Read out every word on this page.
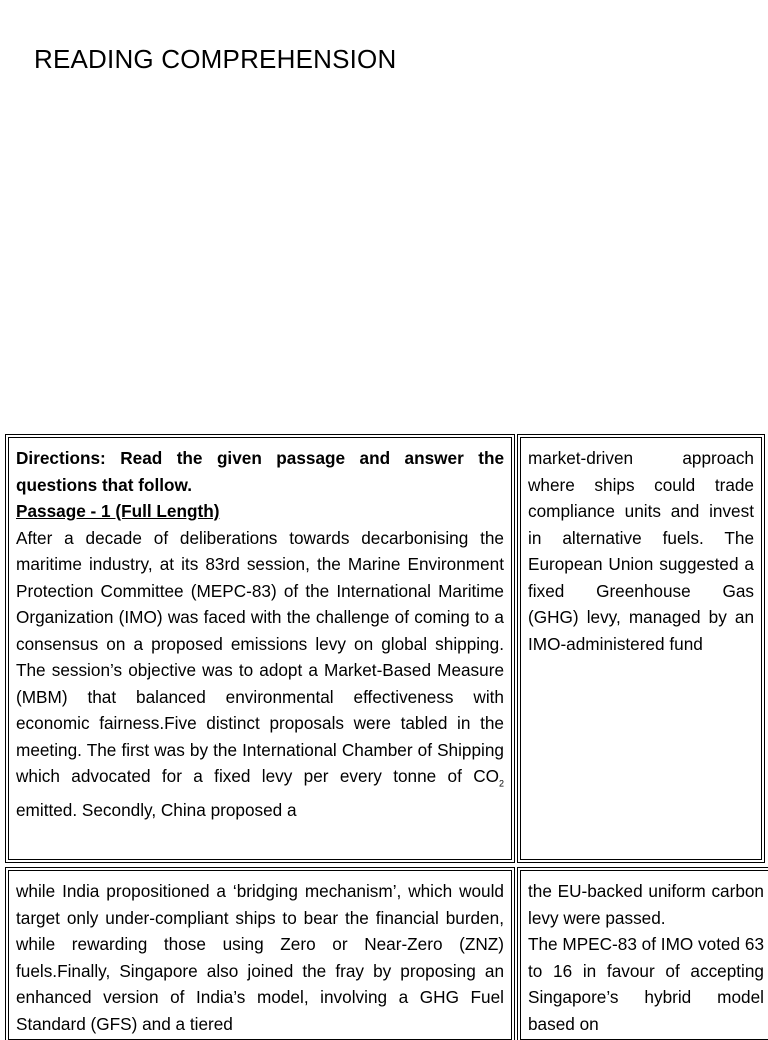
READING COMPREHENSION

Directions: Read the given passage and answer the questions that follow.

Passage - 1 (Full Length)

After a decade of deliberations towards decarbonising the maritime industry, at its 83rd session, the Marine Environment Protection Committee (MEPC-83) of the International Maritime Organization (IMO) was faced with the challenge of coming to a consensus on a proposed emissions levy on global shipping. The session’s objective was to adopt a Market-Based Measure (MBM) that balanced environmental effectiveness with economic fairness.Five distinct proposals were tabled in the meeting. The first was by the International Chamber of Shipping which advocated for a fixed levy per every tonne of $CO_2$ emitted. Secondly, China proposed a

market-driven approach where ships could trade compliance units and invest in alternative fuels. The European Union suggested a fixed Greenhouse Gas (GHG) levy, managed by an IMO-administered fund

while India propositioned a ‘bridging mechanism’, which would target only under-compliant ships to bear the financial burden, while rewarding those using Zero or Near-Zero (ZNZ) fuels.Finally, Singapore also joined the fray by proposing an enhanced version of India’s model, involving a GHG Fuel Standard (GFS) and a tiered

the EU-backed uniform carbon levy were passed.

The MPEC-83 of IMO voted 63 to 16 in favour of accepting Singapore’s hybrid model based on
